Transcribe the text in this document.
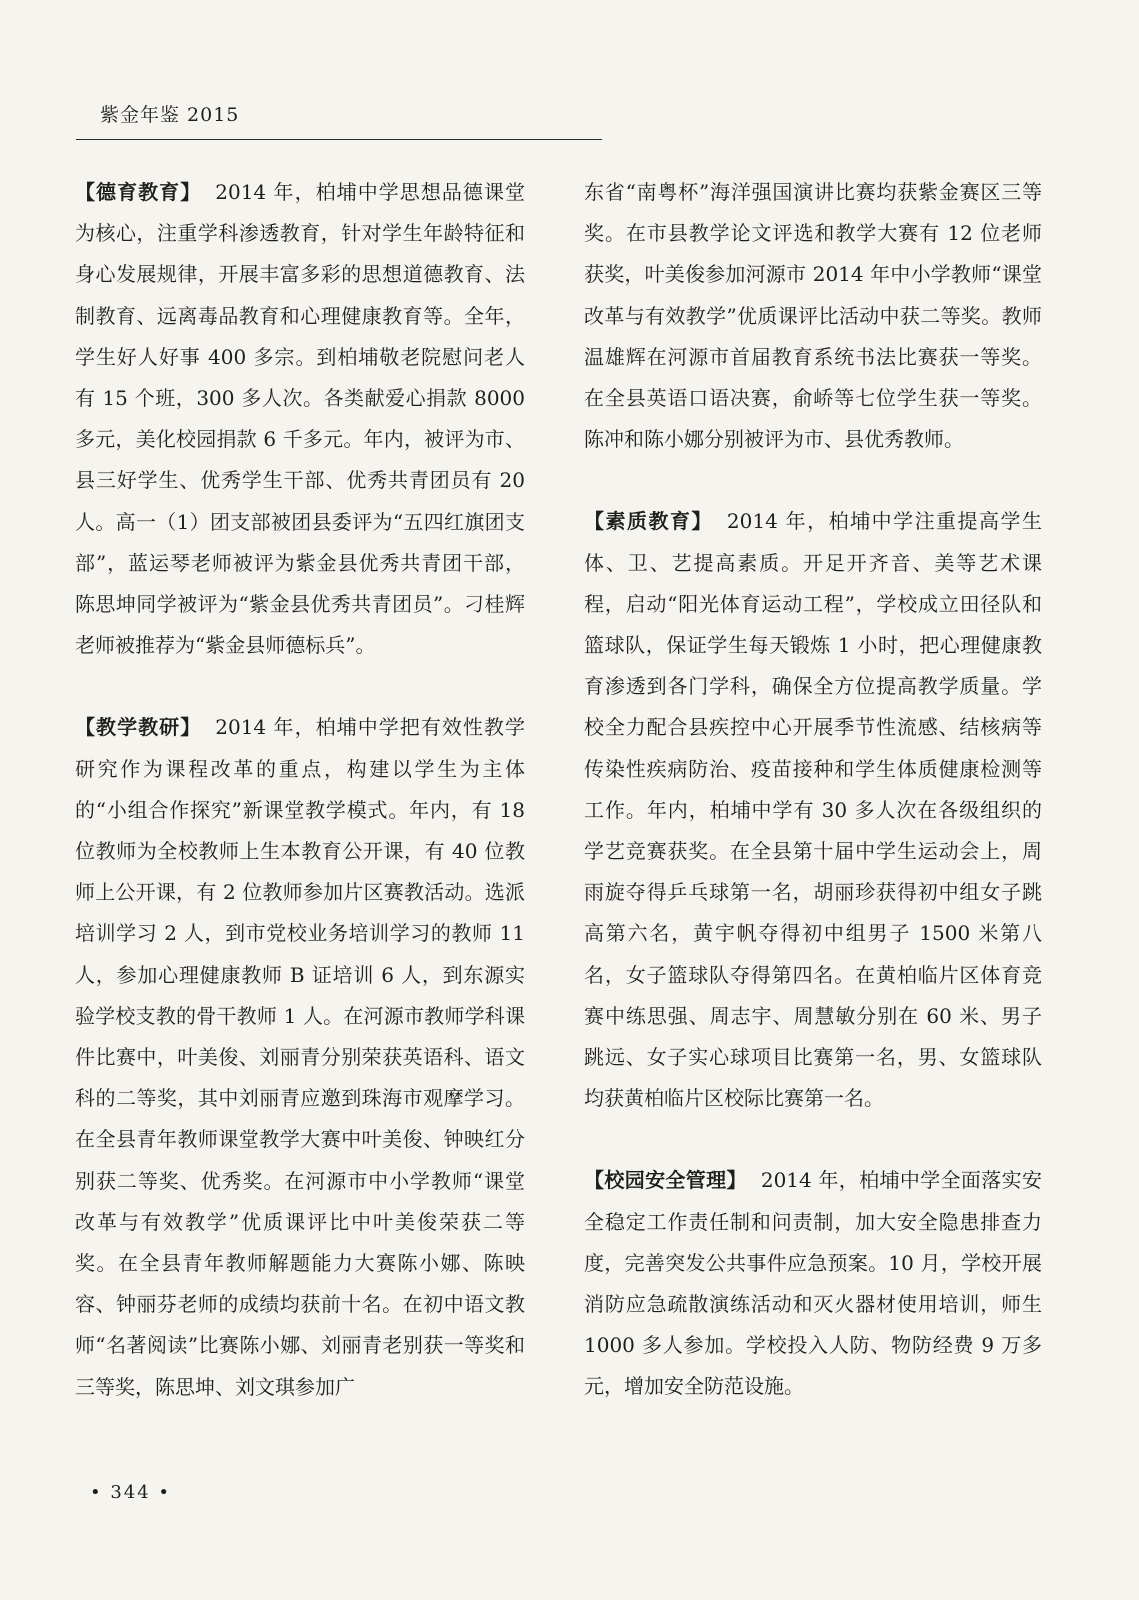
紫金年鉴 2015

【德育教育】 2014 年，柏埔中学思想品德课堂为核心，注重学科渗透教育，针对学生年龄特征和身心发展规律，开展丰富多彩的思想道德教育、法制教育、远离毒品教育和心理健康教育等。全年，学生好人好事 400 多宗。到柏埔敬老院慰问老人有 15 个班，300 多人次。各类献爱心捐款 8000 多元，美化校园捐款 6 千多元。年内，被评为市、县三好学生、优秀学生干部、优秀共青团员有 20 人。高一（1）团支部被团县委评为“五四红旗团支部”，蓝运琴老师被评为紫金县优秀共青团干部，陈思坤同学被评为“紫金县优秀共青团员”。刁桂辉老师被推荐为“紫金县师德标兵”。

【教学教研】 2014 年，柏埔中学把有效性教学研究作为课程改革的重点，构建以学生为主体的“小组合作探究”新课堂教学模式。年内，有 18 位教师为全校教师上生本教育公开课，有 40 位教师上公开课，有 2 位教师参加片区赛教活动。选派培训学习 2 人，到市党校业务培训学习的教师 11 人，参加心理健康教师 B 证培训 6 人，到东源实验学校支教的骨干教师 1 人。在河源市教师学科课件比赛中，叶美俊、刘丽青分别荣获英语科、语文科的二等奖，其中刘丽青应邀到珠海市观摩学习。在全县青年教师课堂教学大赛中叶美俊、钟映红分别获二等奖、优秀奖。在河源市中小学教师“课堂改革与有效教学”优质课评比中叶美俊荣获二等奖。在全县青年教师解题能力大赛陈小娜、陈映容、钟丽芬老师的成绩均获前十名。在初中语文教师“名著阅读”比赛陈小娜、刘丽青老别获一等奖和三等奖，陈思坤、刘文琪参加广

东省“南粤杯”海洋强国演讲比赛均获紫金赛区三等奖。在市县教学论文评选和教学大赛有 12 位老师获奖，叶美俊参加河源市 2014 年中小学教师“课堂改革与有效教学”优质课评比活动中获二等奖。教师温雄辉在河源市首届教育系统书法比赛获一等奖。在全县英语口语决赛，俞峤等七位学生获一等奖。陈冲和陈小娜分别被评为市、县优秀教师。

【素质教育】 2014 年，柏埔中学注重提高学生体、卫、艺提高素质。开足开齐音、美等艺术课程，启动“阳光体育运动工程”，学校成立田径队和篮球队，保证学生每天锻炼 1 小时，把心理健康教育渗透到各门学科，确保全方位提高教学质量。学校全力配合县疾控中心开展季节性流感、结核病等传染性疾病防治、疫苗接种和学生体质健康检测等工作。年内，柏埔中学有 30 多人次在各级组织的学艺竞赛获奖。在全县第十届中学生运动会上，周雨旋夺得乒乓球第一名，胡丽珍获得初中组女子跳高第六名，黄宇帆夺得初中组男子 1500 米第八名，女子篮球队夺得第四名。在黄柏临片区体育竞赛中练思强、周志宇、周慧敏分别在 60 米、男子跳远、女子实心球项目比赛第一名，男、女篮球队均获黄柏临片区校际比赛第一名。

【校园安全管理】 2014 年，柏埔中学全面落实安全稳定工作责任制和问责制，加大安全隐患排查力度，完善突发公共事件应急预案。10 月，学校开展消防应急疏散演练活动和灭火器材使用培训，师生 1000 多人参加。学校投入人防、物防经费 9 万多元，增加安全防范设施。

• 344 •
